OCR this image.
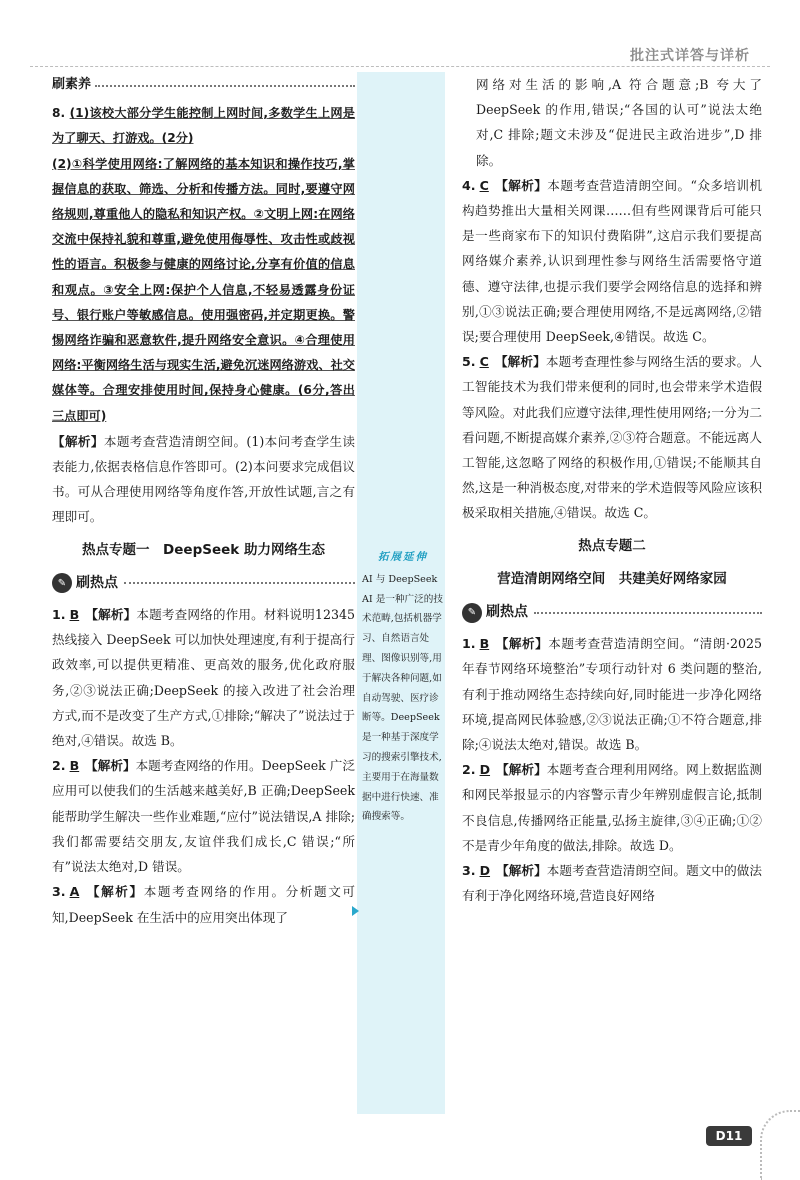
批注式详答与详析
拓展延伸
AI 与 DeepSeek AI 是一种广泛的技术范畴,包括机器学习、自然语言处理、图像识别等,用于解决各种问题,如自动驾驶、医疗诊断等。DeepSeek 是一种基于深度学习的搜索引擎技术,主要用于在海量数据中进行快速、准确搜索等。
刷素养

8. (1)该校大部分学生能控制上网时间,多数学生上网是为了聊天、打游戏。(2分)

(2)①科学使用网络:了解网络的基本知识和操作技巧,掌握信息的获取、筛选、分析和传播方法。同时,要遵守网络规则,尊重他人的隐私和知识产权。②文明上网:在网络交流中保持礼貌和尊重,避免使用侮辱性、攻击性或歧视性的语言。积极参与健康的网络讨论,分享有价值的信息和观点。③安全上网:保护个人信息,不轻易透露身份证号、银行账户等敏感信息。使用强密码,并定期更换。警惕网络诈骗和恶意软件,提升网络安全意识。④合理使用网络:平衡网络生活与现实生活,避免沉迷网络游戏、社交媒体等。合理安排使用时间,保持身心健康。(6分,答出三点即可)

【解析】本题考查营造清朗空间。(1)本问考查学生读表能力,依据表格信息作答即可。(2)本问要求完成倡议书。可从合理使用网络等角度作答,开放性试题,言之有理即可。

热点专题一　DeepSeek 助力网络生态
✎ 刷热点

1. B 【解析】本题考查网络的作用。材料说明12345 热线接入 DeepSeek 可以加快处理速度,有利于提高行政效率,可以提供更精准、更高效的服务,优化政府服务,②③说法正确;DeepSeek 的接入改进了社会治理方式,而不是改变了生产方式,①排除;“解决了”说法过于绝对,④错误。故选 B。

2. B 【解析】本题考查网络的作用。DeepSeek 广泛应用可以使我们的生活越来越美好,B 正确;DeepSeek 能帮助学生解决一些作业难题,“应付”说法错误,A 排除;我们都需要结交朋友,友谊伴我们成长,C 错误;“所有”说法太绝对,D 错误。

3. A 【解析】本题考查网络的作用。分析题文可知,DeepSeek 在生活中的应用突出体现了

网络对生活的影响,A 符合题意;B 夸大了 DeepSeek 的作用,错误;“各国的认可”说法太绝对,C 排除;题文未涉及“促进民主政治进步”,D 排除。

4. C 【解析】本题考查营造清朗空间。“众多培训机构趋势推出大量相关网课……但有些网课背后可能只是一些商家布下的知识付费陷阱”,这启示我们要提高网络媒介素养,认识到理性参与网络生活需要恪守道德、遵守法律,也提示我们要学会网络信息的选择和辨别,①③说法正确;要合理使用网络,不是远离网络,②错误;要合理使用 DeepSeek,④错误。故选 C。

5. C 【解析】本题考查理性参与网络生活的要求。人工智能技术为我们带来便利的同时,也会带来学术造假等风险。对此我们应遵守法律,理性使用网络;一分为二看问题,不断提高媒介素养,②③符合题意。不能远离人工智能,这忽略了网络的积极作用,①错误;不能顺其自然,这是一种消极态度,对带来的学术造假等风险应该积极采取相关措施,④错误。故选 C。

热点专题二
营造清朗网络空间　共建美好网络家园
✎ 刷热点

1. B 【解析】本题考查营造清朗空间。“清朗·2025 年春节网络环境整治”专项行动针对 6 类问题的整治,有利于推动网络生态持续向好,同时能进一步净化网络环境,提高网民体验感,②③说法正确;①不符合题意,排除;④说法太绝对,错误。故选 B。

2. D 【解析】本题考查合理利用网络。网上数据监测和网民举报显示的内容警示青少年辨别虚假言论,抵制不良信息,传播网络正能量,弘扬主旋律,③④正确;①②不是青少年角度的做法,排除。故选 D。

3. D 【解析】本题考查营造清朗空间。题文中的做法有利于净化网络环境,营造良好网络

D11
